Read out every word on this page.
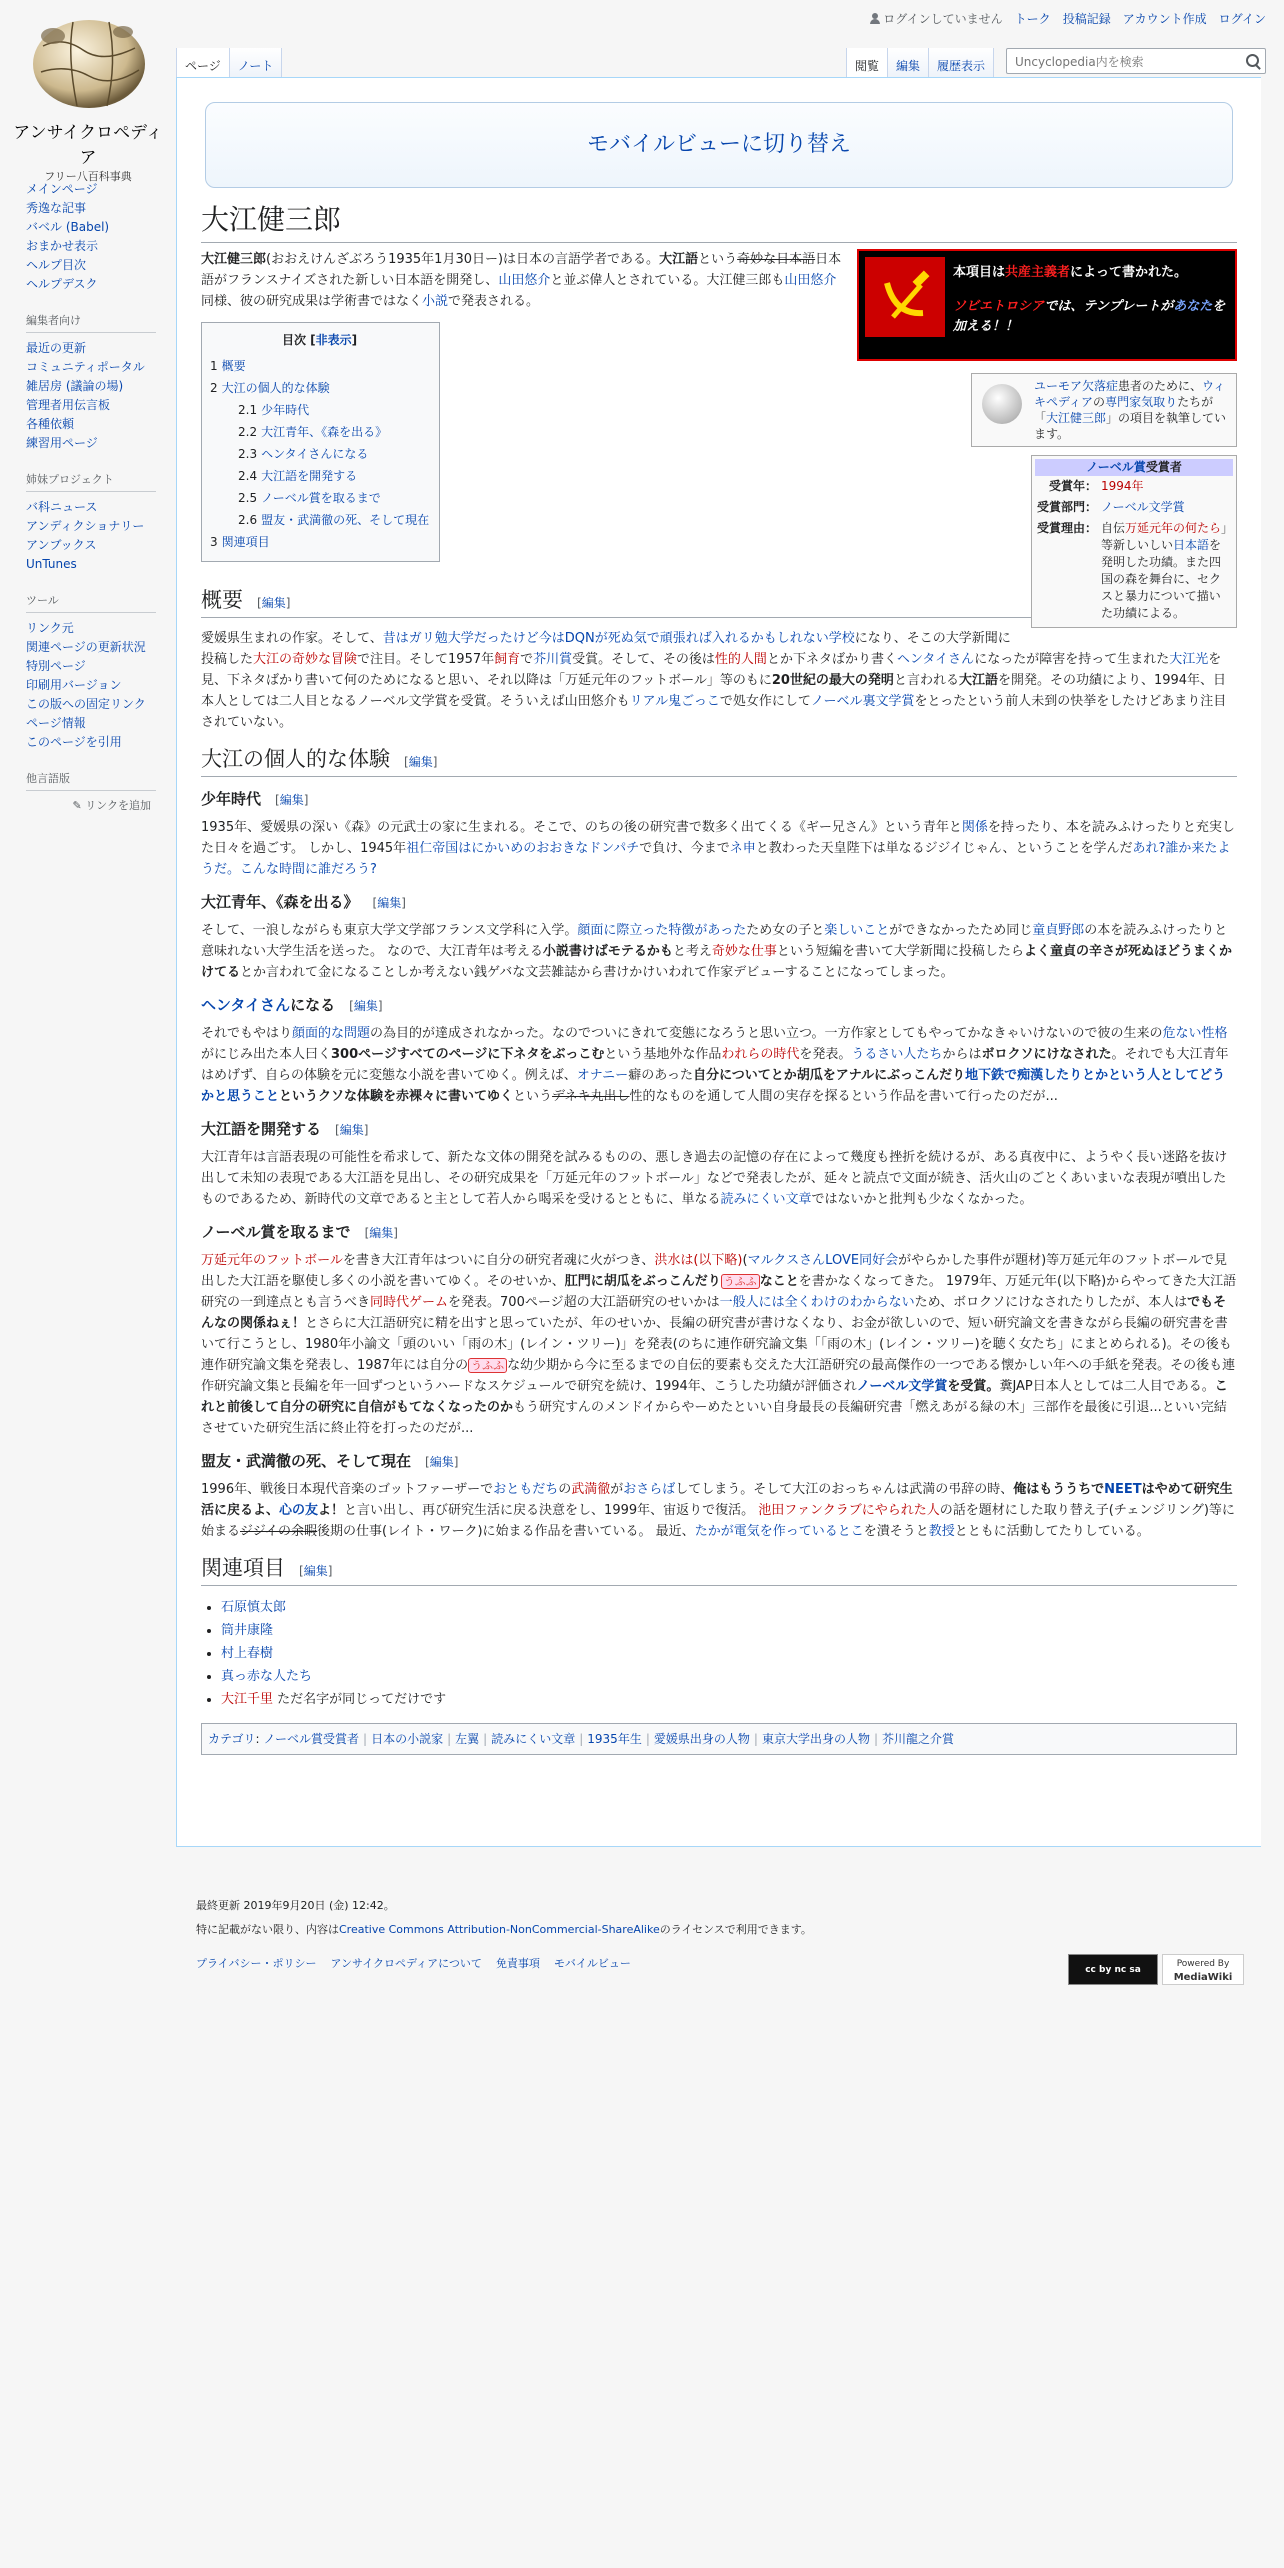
ログインしていません トーク 投稿記録 アカウント作成 ログイン
アンサイクロペディア
フリー八百科事典
メインページ
秀逸な記事
バベル (Babel)
おまかせ表示
ヘルプ目次
ヘルプデスク
編集者向け
最近の更新
コミュニティポータル
雑居房 (議論の場)
管理者用伝言板
各種依頼
練習用ページ
姉妹プロジェクト
バ科ニュース
アンディクショナリー
アンブックス
UnTunes
ツール
リンク元
関連ページの更新状況
特別ページ
印刷用バージョン
この版への固定リンク
ページ情報
このページを引用
他言語版
✎ リンクを追加
ページ	ノート	閲覧	編集	履歴表示
Uncyclopedia内を検索
モバイルビューに切り替え
大江健三郎
本項目は共産主義者によって書かれた。
ソビエトロシアでは、テンプレートがあなたを加える！！
ユーモア欠落症患者のために、ウィキペディアの専門家気取りたちが「大江健三郎」の項目を執筆しています。
ノーベル賞受賞者
受賞年：	1994年
受賞部門：	ノーベル文学賞
受賞理由：	自伝万延元年の何たら」等新しいしい日本語を発明した功績。また四国の森を舞台に、セクスと暴力について描いた功績による。

大江健三郎(おおえけんざぶろう1935年1月30日ー)は日本の言語学者である。大江語という奇妙な日本語日本語がフランスナイズされた新しい日本語を開発し、山田悠介と並ぶ偉人とされている。大江健三郎も山田悠介同様、彼の研究成果は学術書ではなく小説で発表される。

目次 [非表示]
1 概要
2 大江の個人的な体験
2.1 少年時代
2.2 大江青年、《森を出る》
2.3 ヘンタイさんになる
2.4 大江語を開発する
2.5 ノーベル賞を取るまで
2.6 盟友・武満徹の死、そして現在
3 関連項目
概要 [編集]

愛媛県生まれの作家。そして、昔はガリ勉大学だったけど今はDQNが死ぬ気で頑張れば入れるかもしれない学校になり、そこの大学新聞に投稿した大江の奇妙な冒険で注目。そして1957年飼育で芥川賞受賞。そして、その後は性的人間とか下ネタばかり書くヘンタイさんになったが障害を持って生まれた大江光を見、下ネタばかり書いて何のためになると思い、それ以降は「万延元年のフットボール」等のもに20世紀の最大の発明と言われる大江語を開発。その功績により、1994年、日本人としては二人目となるノーベル文学賞を受賞。そういえば山田悠介もリアル鬼ごっこで処女作にしてノーベル裏文学賞をとったという前人未到の快挙をしたけどあまり注目されていない。

大江の個人的な体験 [編集]
少年時代 [編集]

1935年、愛媛県の深い《森》の元武士の家に生まれる。そこで、のちの後の研究書で数多く出てくる《ギー兄さん》という青年と関係を持ったり、本を読みふけったりと充実した日々を過ごす。 しかし、1945年祖仁帝国はにかいめのおおきなドンパチで負け、今までネ申と教わった天皇陛下は単なるジジイじゃん、ということを学んだあれ?誰か来たようだ。こんな時間に誰だろう?

大江青年、《森を出る》 [編集]

そして、一浪しながらも東京大学文学部フランス文学科に入学。顔面に際立った特徴があったため女の子と楽しいことができなかったため同じ童貞野郎の本を読みふけったりと意味れない大学生活を送った。 なので、大江青年は考える小説書けばモテるかもと考え奇妙な仕事という短編を書いて大学新聞に投稿したらよく童貞の辛さが死ぬほどうまくかけてるとか言われて金になることしか考えない銭ゲバな文芸雑誌から書けかけいわれて作家デビューすることになってしまった。

ヘンタイさんになる [編集]

それでもやはり顔面的な問題の為目的が達成されなかった。なのでついにきれて変態になろうと思い立つ。一方作家としてもやってかなきゃいけないので彼の生来の危ない性格がにじみ出た本人曰く300ページすべてのページに下ネタをぶっこむという基地外な作品われらの時代を発表。うるさい人たちからはボロクソにけなされた。それでも大江青年はめげず、自らの体験を元に変態な小説を書いてゆく。例えば、オナニー癖のあった自分についてとか胡瓜をアナルにぶっこんだり地下鉄で痴漢したりとかという人としてどうかと思うことというクソな体験を赤裸々に書いてゆくというデネキ丸出し性的なものを通して人間の実存を探るという作品を書いて行ったのだが...

大江語を開発する [編集]

大江青年は言語表現の可能性を希求して、新たな文体の開発を試みるものの、悪しき過去の記憶の存在によって幾度も挫折を続けるが、ある真夜中に、ようやく長い迷路を抜け出して未知の表現である大江語を見出し、その研究成果を「万延元年のフットボール」などで発表したが、延々と読点で文面が続き、活火山のごとくあいまいな表現が噴出したものであるため、新時代の文章であると主として若人から喝采を受けるとともに、単なる読みにくい文章ではないかと批判も少なくなかった。

ノーベル賞を取るまで [編集]

万延元年のフットボールを書き大江青年はついに自分の研究者魂に火がつき、洪水は(以下略)(マルクスさんLOVE同好会がやらかした事件が題材)等万延元年のフットボールで見出した大江語を駆使し多くの小説を書いてゆく。そのせいか、肛門に胡瓜をぶっこんだり うふふ なことを書かなくなってきた。 1979年、万延元年(以下略)からやってきた大江語研究の一到達点とも言うべき同時代ゲームを発表。700ページ超の大江語研究のせいかは一般人には全くわけのわからないため、ボロクソにけなされたりしたが、本人はでもそんなの関係ねぇ！とさらに大江語研究に精を出すと思っていたが、年のせいか、長編の研究書が書けなくなり、お金が欲しいので、短い研究論文を書きながら長編の研究書を書いて行こうとし、1980年小論文「頭のいい「雨の木」(レイン・ツリー)」を発表(のちに連作研究論文集「「雨の木」(レイン・ツリー)を聴く女たち」にまとめられる)。その後も連作研究論文集を発表し、1987年には自分の うふふ な幼少期から今に至るまでの自伝的要素も交えた大江語研究の最高傑作の一つである懐かしい年への手紙を発表。その後も連作研究論文集と長編を年一回ずつというハードなスケジュールで研究を続け、1994年、こうした功績が評価されノーベル文学賞を受賞。糞JAP日本人としては二人目である。これと前後して自分の研究に自信がもてなくなったのかもう研究すんのメンドイからやーめたといい自身最長の長編研究書「燃えあがる緑の木」三部作を最後に引退...といい完結させていた研究生活に終止符を打ったのだが...

盟友・武満徹の死、そして現在 [編集]

1996年、戦後日本現代音楽のゴットファーザーでおともだちの武満徹がおさらばしてしまう。そして大江のおっちゃんは武満の弔辞の時、俺はもううちでNEETはやめて研究生活に戻るよ、心の友よ！と言い出し、再び研究生活に戻る決意をし、1999年、宙返りで復活。 池田ファンクラブにやられた人の話を題材にした取り替え子(チェンジリング)等に始まるジジイの余暇後期の仕事(レイト・ワーク)に始まる作品を書いている。 最近、たかが電気を作っているとこを潰そうと教授とともに活動してたりしている。

関連項目 [編集]
• 石原慎太郎
• 筒井康隆
• 村上春樹
• 真っ赤な人たち
• 大江千里 ただ名字が同じってだけです
カテゴリ: ノーベル賞受賞者 | 日本の小説家 | 左翼 | 読みにくい文章 | 1935年生 | 愛媛県出身の人物 | 東京大学出身の人物 | 芥川龍之介賞
最終更新 2019年9月20日 (金) 12:42。
特に記載がない限り、内容はCreative Commons Attribution-NonCommercial-ShareAlikeのライセンスで利用できます。
プライバシー・ポリシー アンサイクロペディアについて 免責事項 モバイルビュー	cc by nc sa
Powered By
MediaWiki
